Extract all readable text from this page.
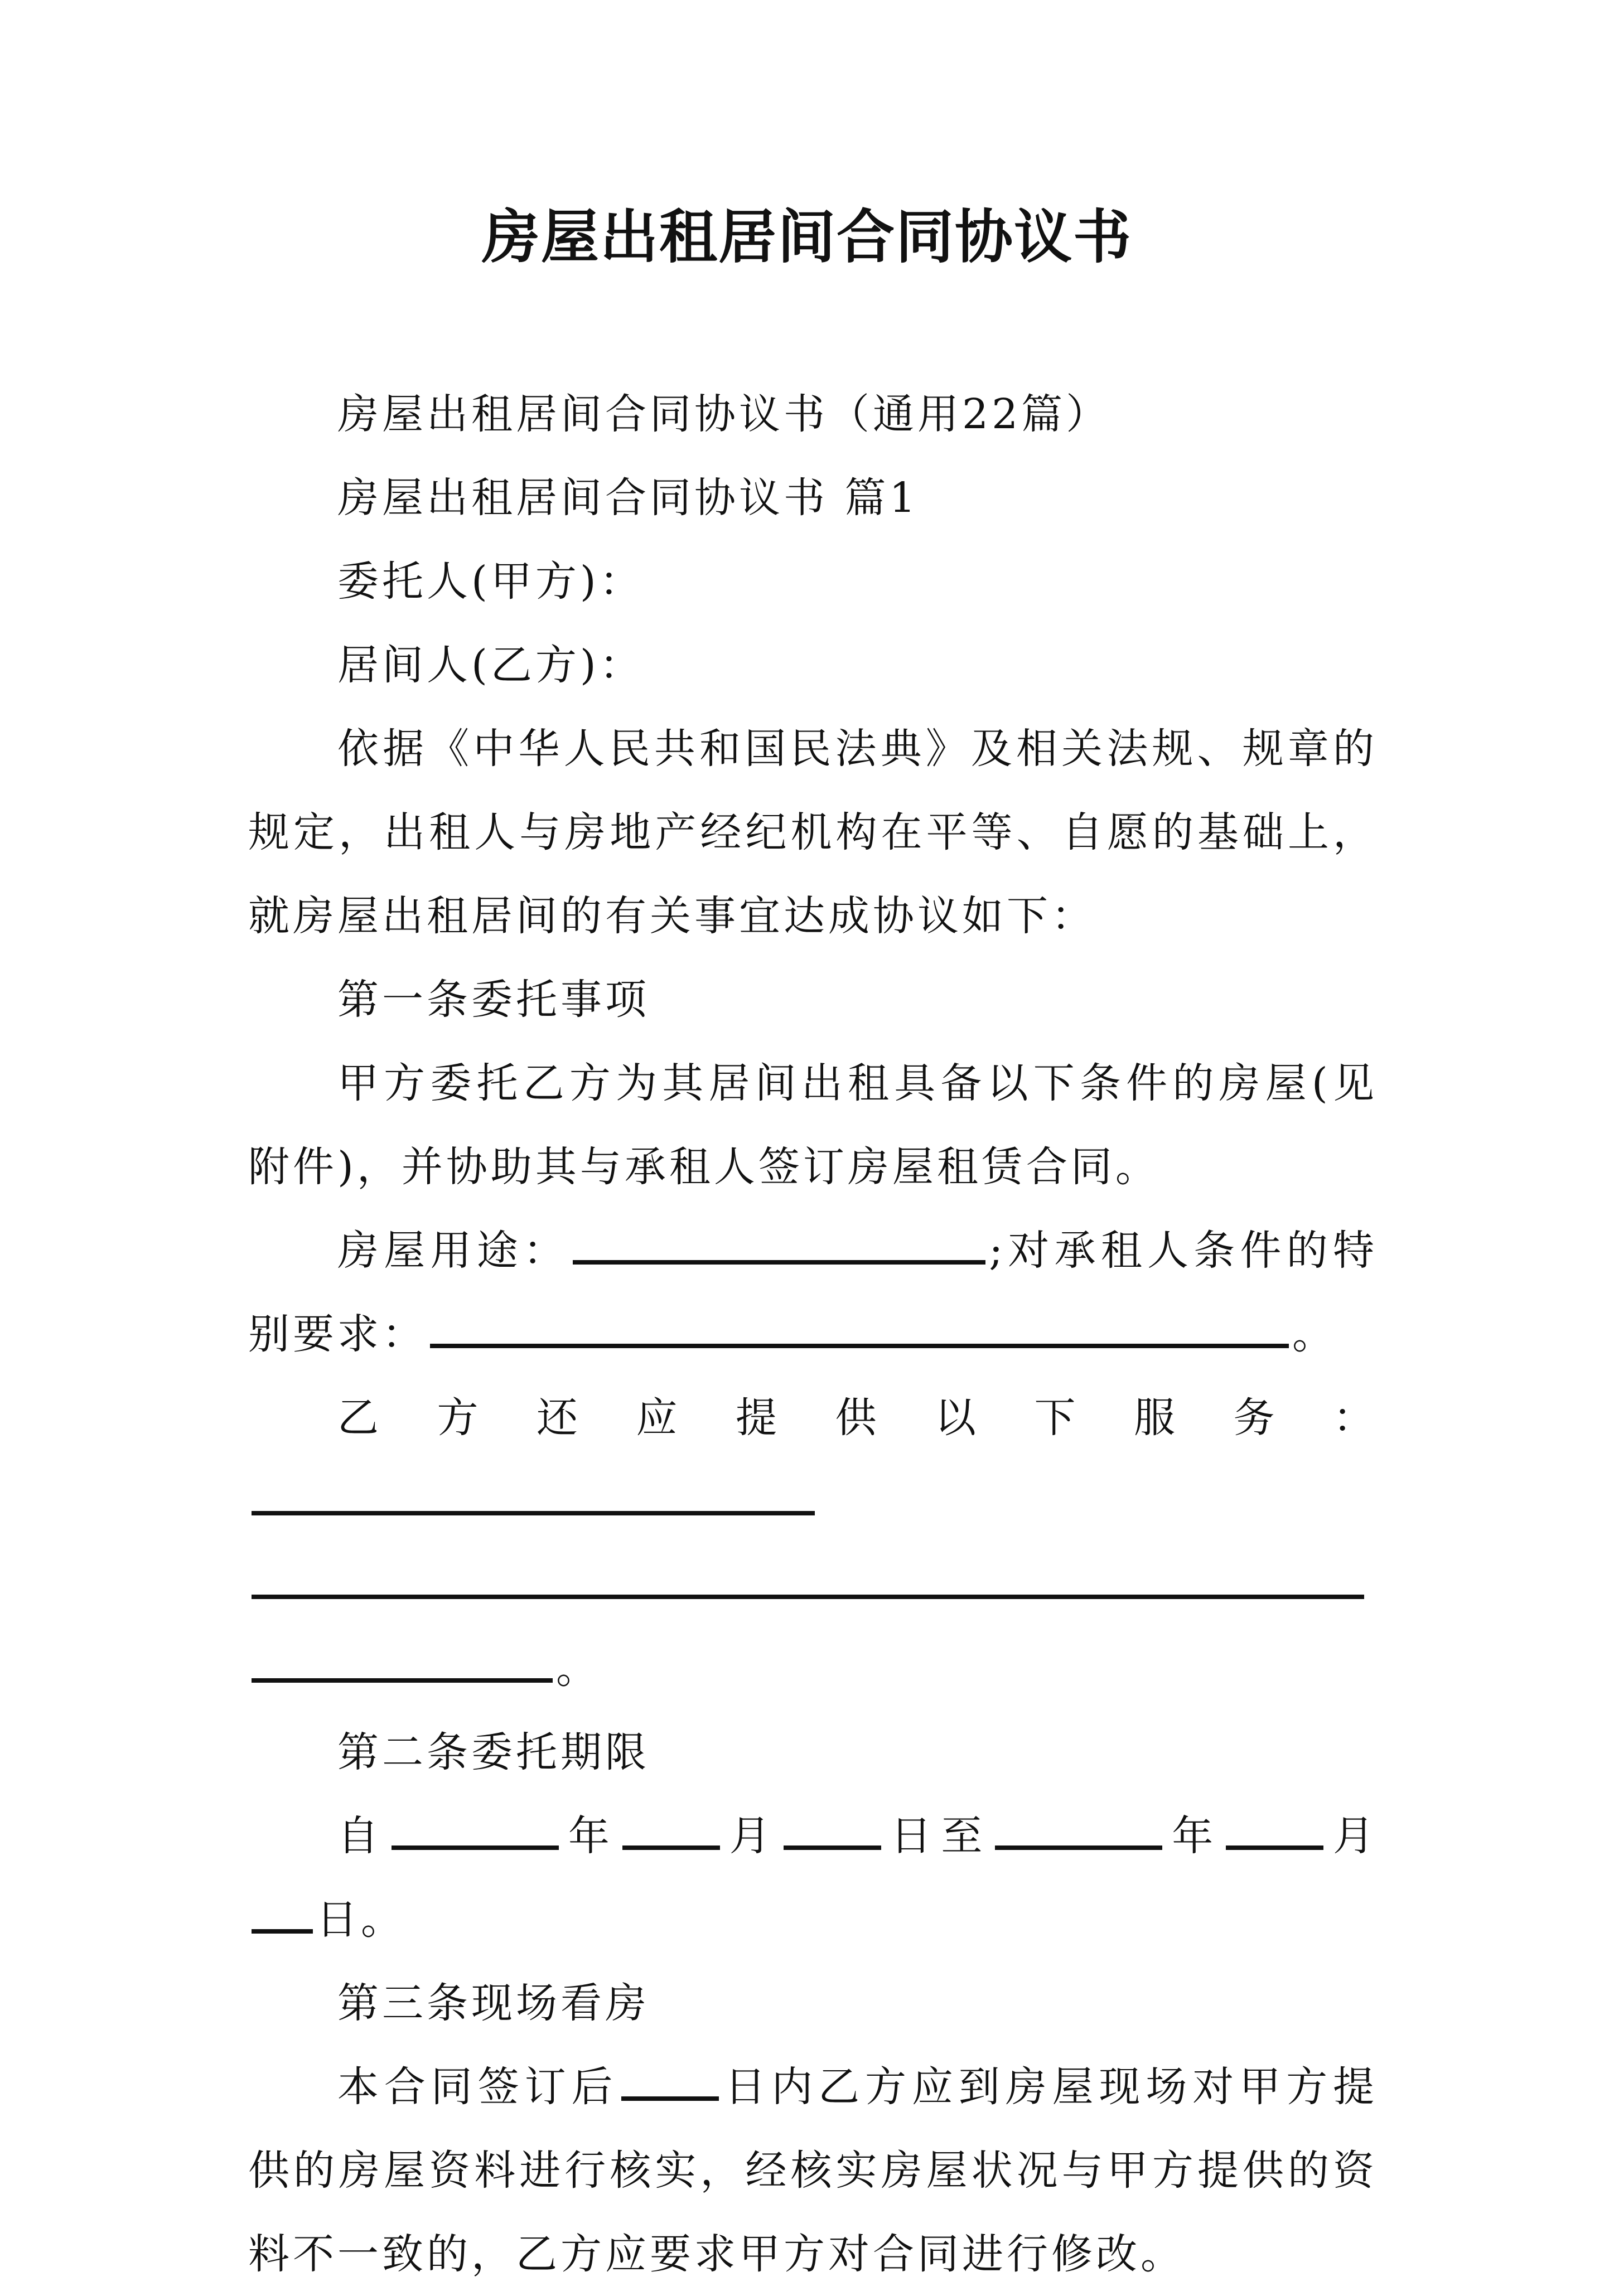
房屋出租居间合同协议书

房屋出租居间合同协议书（通用22篇）

房屋出租居间合同协议书 篇1

委托人(甲方)：

居间人(乙方)：

依据《中华人民共和国民法典》及相关法规、规章的规定，出租人与房地产经纪机构在平等、自愿的基础上，就房屋出租居间的有关事宜达成协议如下：

第一条委托事项

甲方委托乙方为其居间出租具备以下条件的房屋(见附件)，并协助其与承租人签订房屋租赁合同。

房屋用途：	;对承租人条件的特别要求：	。

乙方还应提供以下服务：。

第二条委托期限

自	年	月	日至	年	月日。

第三条现场看房

本合同签订后	日内乙方应到房屋现场对甲方提供的房屋资料进行核实，经核实房屋状况与甲方提供的资料不一致的，乙方应要求甲方对合同进行修改。
